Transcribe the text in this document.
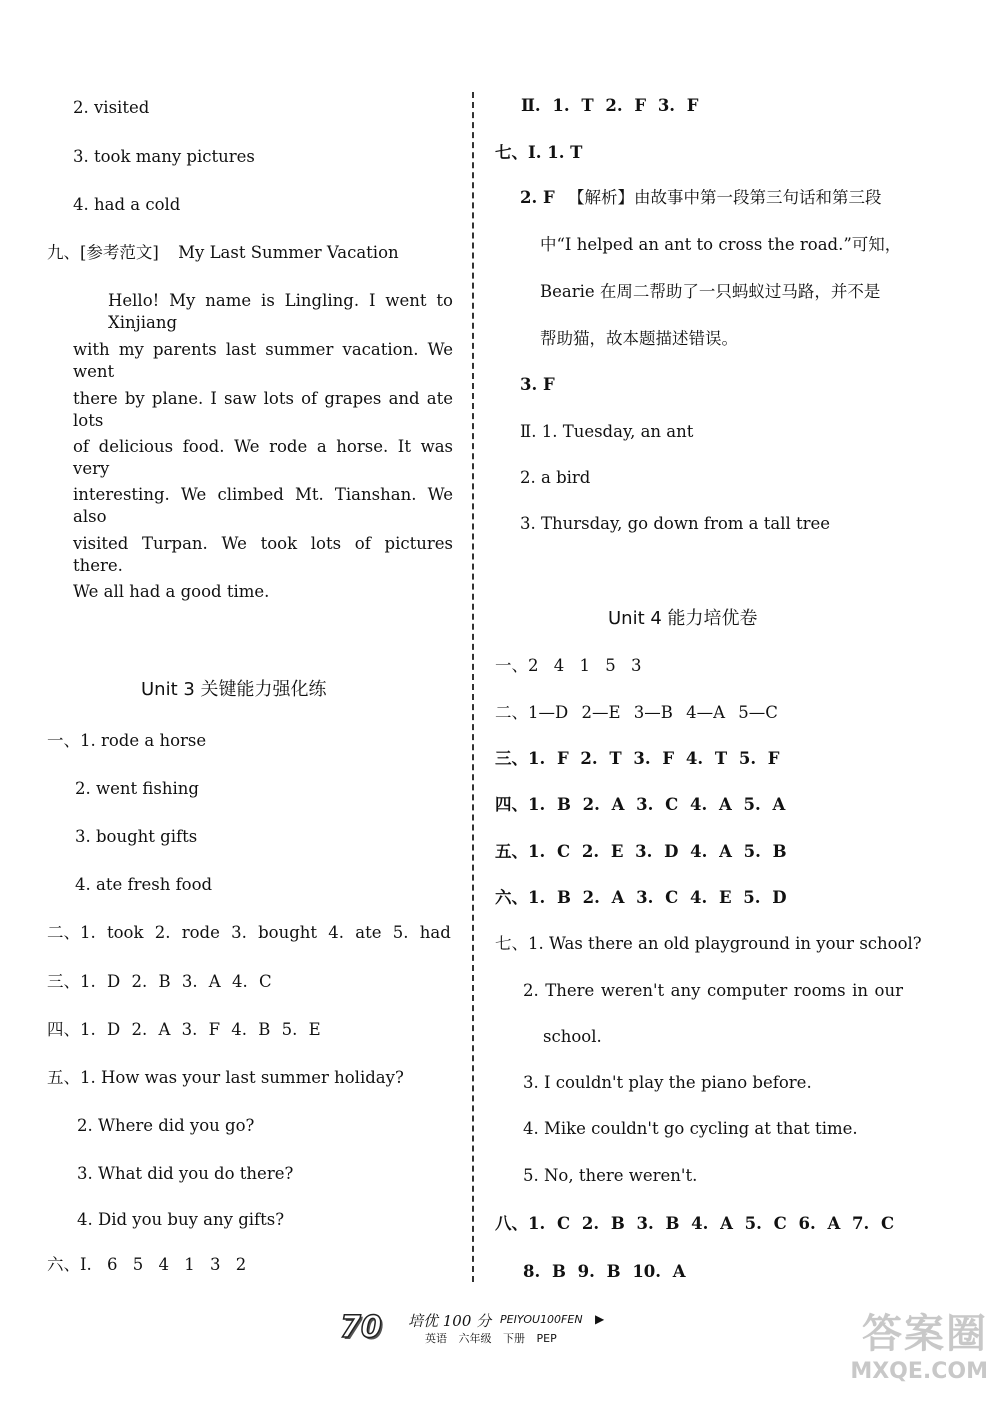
2. visited
3. took many pictures
4. had a cold
九、[参考范文] My Last Summer Vacation
Hello! My name is Lingling. I went to Xinjiang
with my parents last summer vacation. We went
there by plane. I saw lots of grapes and ate lots
of delicious food. We rode a horse. It was very
interesting. We climbed Mt. Tianshan. We also
visited Turpan. We took lots of pictures there.
We all had a good time.
Unit 3 关键能力强化练
一、1. rode a horse
2. went fishing
3. bought gifts
4. ate fresh food
二、1. took 2. rode 3. bought 4. ate 5. had
三、1. D 2. B 3. A 4. C
四、1. D 2. A 3. F 4. B 5. E
五、1. How was your last summer holiday?
2. Where did you go?
3. What did you do there?
4. Did you buy any gifts?
六、Ⅰ. 6 5 4 1 3 2
Ⅱ. 1. T 2. F 3. F
七、Ⅰ. 1. T
2. F 【解析】由故事中第一段第三句话和第三段
中“I helped an ant to cross the road.”可知，
Bearie 在周二帮助了一只蚂蚁过马路，并不是
帮助猫，故本题描述错误。
3. F
Ⅱ. 1. Tuesday, an ant
2. a bird
3. Thursday, go down from a tall tree
Unit 4 能力培优卷
一、2 4 1 5 3
二、1—D 2—E 3—B 4—A 5—C
三、1. F 2. T 3. F 4. T 5. F
四、1. B 2. A 3. C 4. A 5. A
五、1. C 2. E 3. D 4. A 5. B
六、1. B 2. A 3. C 4. E 5. D
七、1. Was there an old playground in your school?
2. There weren't any computer rooms in our
school.
3. I couldn't play the piano before.
4. Mike couldn't go cycling at that time.
5. No, there weren't.
八、1. C 2. B 3. B 4. A 5. C 6. A 7. C
8. B 9. B 10. A
70	培优 100 分 PEIYOU100FEN ▶
英语 六年级 下册 PEP	答案圈
MXQE.COM
